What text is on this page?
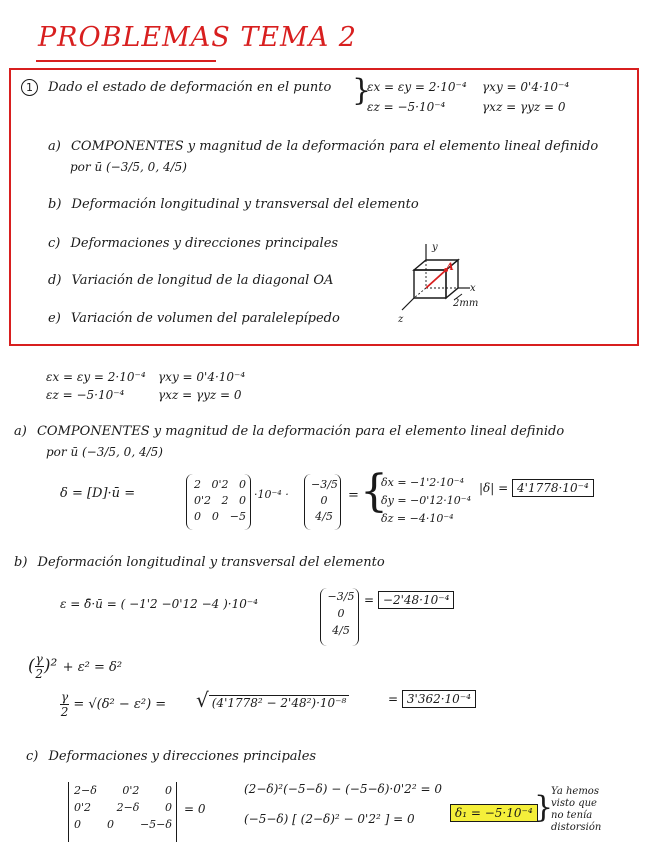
PROBLEMAS TEMA 2
1 Dado el estado de deformación en el punto }
εx = εy = 2·10⁻⁴
εz = −5·10⁻⁴
γxy = 0'4·10⁻⁴
γxz = γyz = 0
a) COMPONENTES y magnitud de la deformación para el elemento lineal definido
por ū (−3/5, 0, 4/5)
b) Deformación longitudinal y transversal del elemento
c) Deformaciones y direcciones principales
d) Variación de longitud de la diagonal OA
e) Variación de volumen del paralelepípedo
y
x
z
A
2mm
εx = εy = 2·10⁻⁴
εz = −5·10⁻⁴
γxy = 0'4·10⁻⁴
γxz = γyz = 0
a) COMPONENTES y magnitud de la deformación para el elemento lineal definido
por ū (−3/5, 0, 4/5)
δ = [D]·ū =
2 0'2 0
0'2 2 0
0 0 −5
·10⁻⁴ ·
−3/5
0
4/5
= {
δx = −1'2·10⁻⁴
δy = −0'12·10⁻⁴
δz = −4·10⁻⁴
|δ| = 4'1778·10⁻⁴
b) Deformación longitudinal y transversal del elemento
ε = δ̄·ū = ( −1'2 −0'12 −4 )·10⁻⁴
−3/5
0
4/5
= −2'48·10⁻⁴
( $\frac{\gamma}{2} )^2 + \varepsilon^2 = \delta^2$
$\frac{\gamma}{2} = √(\delta^2 - \varepsilon^2)$ = √ (4'1778² − 2'48²)·10⁻⁸	= 3'362·10⁻⁴
c) Deformaciones y direcciones principales
2−δ 0'2 0
0'2 2−δ 0
0 0 −5−δ
= 0
(2−δ)²(−5−δ) − (−5−δ)·0'2² = 0
(−5−δ) [ (2−δ)² − 0'2² ] = 0	δ₁ = −5·10⁻⁴ }
Ya hemos
visto que
no tenía
distorsión
